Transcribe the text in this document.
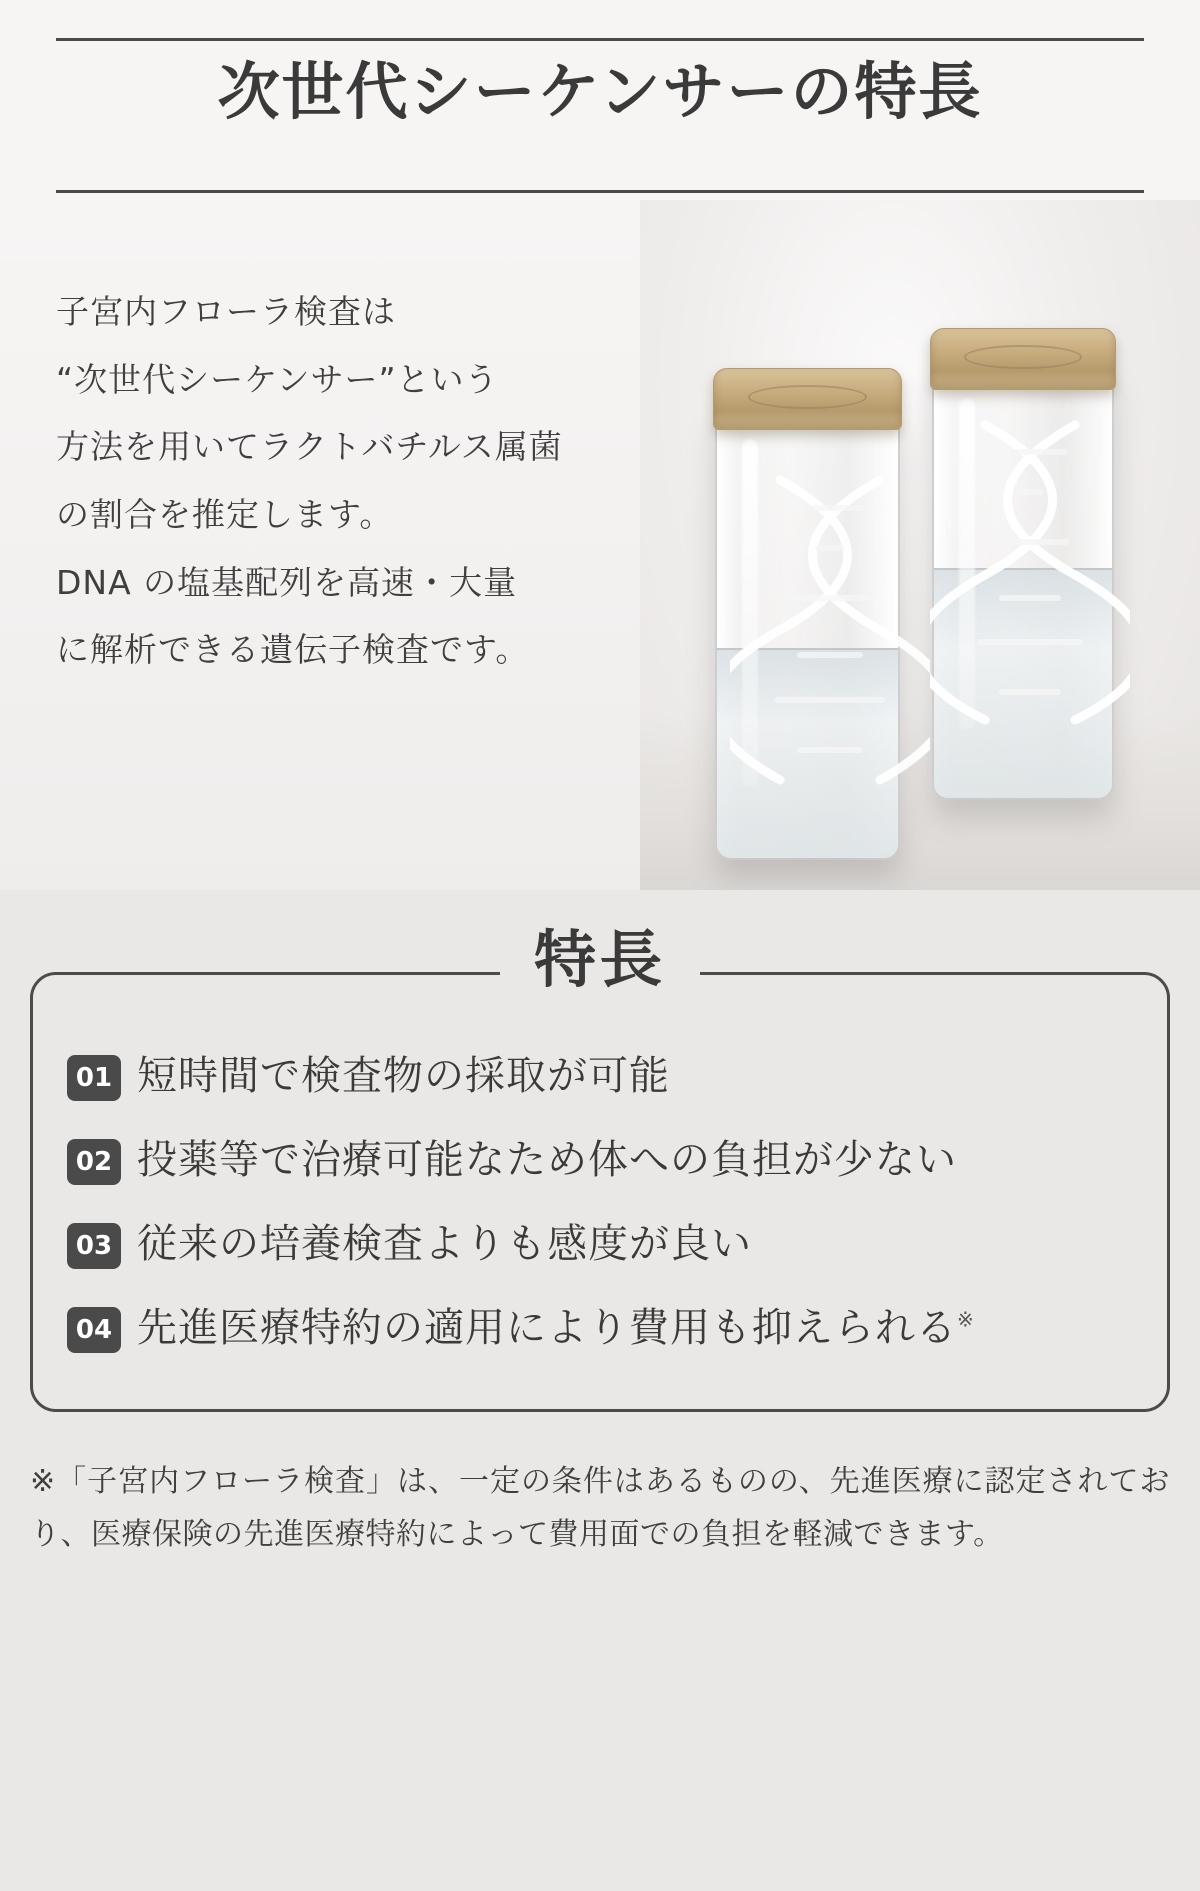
次世代シーケンサーの特長

子宮内フローラ検査は

“次世代シーケンサー”という

方法を用いてラクトバチルス属菌

の割合を推定します。

DNA の塩基配列を高速・大量

に解析できる遺伝子検査です。

特長
01 短時間で検査物の採取が可能
02 投薬等で治療可能なため体への負担が少ない
03 従来の培養検査よりも感度が良い
04 先進医療特約の適用により費用も抑えられる※
※「子宮内フローラ検査」は、一定の条件はあるものの、先進医療に認定されており、医療保険の先進医療特約によって費用面での負担を軽減できます。
